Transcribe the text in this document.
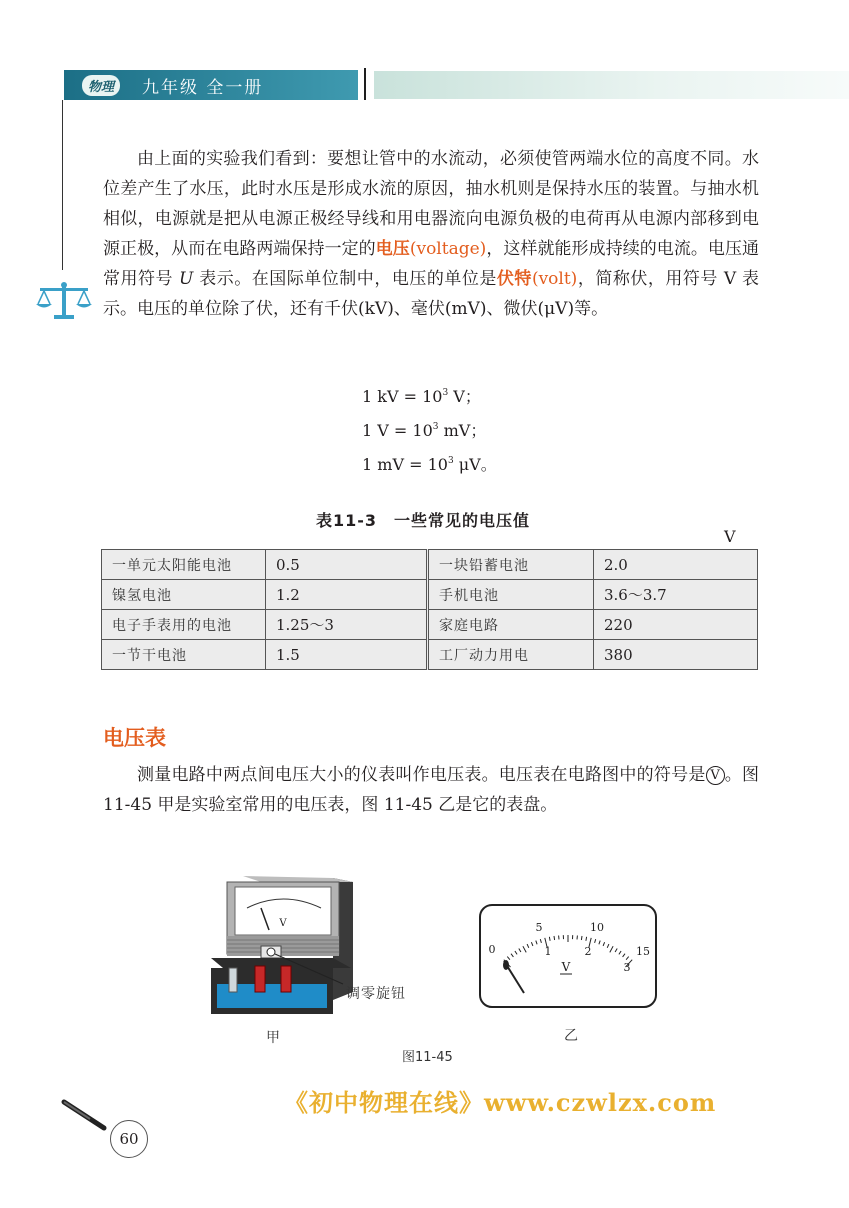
物理	九年级 全一册

由上面的实验我们看到：要想让管中的水流动，必须使管两端水位的高度不同。水位差产生了水压，此时水压是形成水流的原因，抽水机则是保持水压的装置。与抽水机相似，电源就是把从电源正极经导线和用电器流向电源负极的电荷再从电源内部移到电源正极，从而在电路两端保持一定的电压(voltage)，这样就能形成持续的电流。电压通常用符号 U 表示。在国际单位制中，电压的单位是伏特(volt)，简称伏，用符号 V 表示。电压的单位除了伏，还有千伏(kV)、毫伏(mV)、微伏(μV)等。

1 kV = $10^3$ V；
1 $V = 10^3$ mV；
1 mV = $10^3$ μV。
表11-3　一些常见的电压值
V
一单元太阳能电池	0.5	一块铅蓄电池	2.0
镍氢电池	1.2	手机电池	3.6～3.7
电子手表用的电池	1.25～3	家庭电路	220
一节干电池	1.5	工厂动力用电	380
电压表

测量电路中两点间电压大小的仪表叫作电压表。电压表在电路图中的符号是 V 。图 11-45 甲是实验室常用的电压表，图 11-45 乙是它的表盘。

V
调零旋钮
甲
0
5	10
15
1	2
3
V
乙
图11-45
《初中物理在线》www.czwlzx.com
60
